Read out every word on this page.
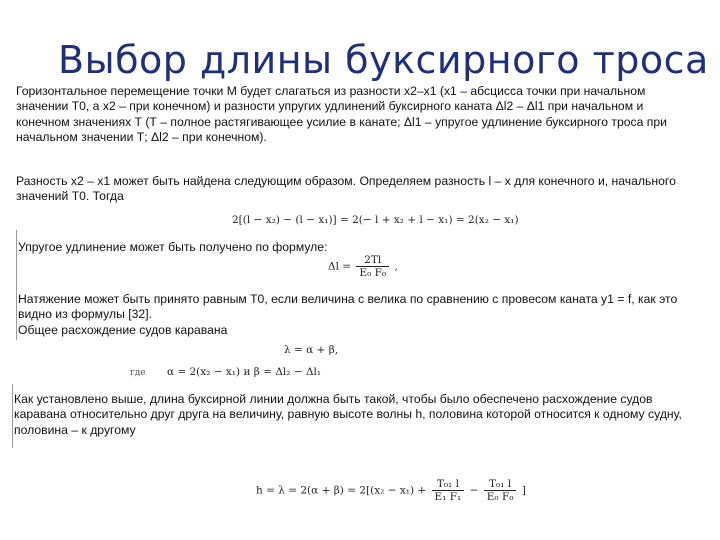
Выбор длины буксирного троса
Горизонтальное перемещение точки М будет слагаться из разности x2–x1 (x1 – абсцисса точки при начальном значении Т0, а x2 – при конечном) и разности упругих удлинений буксирного каната Δl2 – Δl1 при начальном и конечном значениях Т (Т – полное растягивающее усилие в канате; Δl1 – упругое удлинение буксирного троса при начальном значении Т; Δl2 – при конечном).
Разность x2 – x1 может быть найдена следующим образом. Определяем разность l – x для конечного и, начального значений Т0. Тогда
2[(l − x₂) − (l − x₁)] = 2(− l + x₂ + l − x₁) = 2(x₂ − x₁)
Упругое удлинение может быть получено по формуле:
$\Delta l = \frac{2Tl}{\text{E₀ F₀}}$ ,
Натяжение может быть принято равным Т0, если величина с велика по сравнению с провесом каната y1 = f, как это видно из формулы [32].
Общее расхождение судов каравана
λ = α + β,
где α = 2(x₂ − x₁) и β = Δl₂ − Δl₁
Как установлено выше, длина буксирной линии должна быть такой, чтобы было обеспечено расхождение судов каравана относительно друг друга на величину, равную высоте волны h, половина которой относится к одному судну, половина – к другому
$h = \lambda = 2(\alpha + \beta) = 2[(x_2 - x_1) + \frac{\text{T₀₁ l}}{\text{E₁ F₁}} - \frac{\text{T₀₁ l}}{\text{E₀ F₀}}$ ]
